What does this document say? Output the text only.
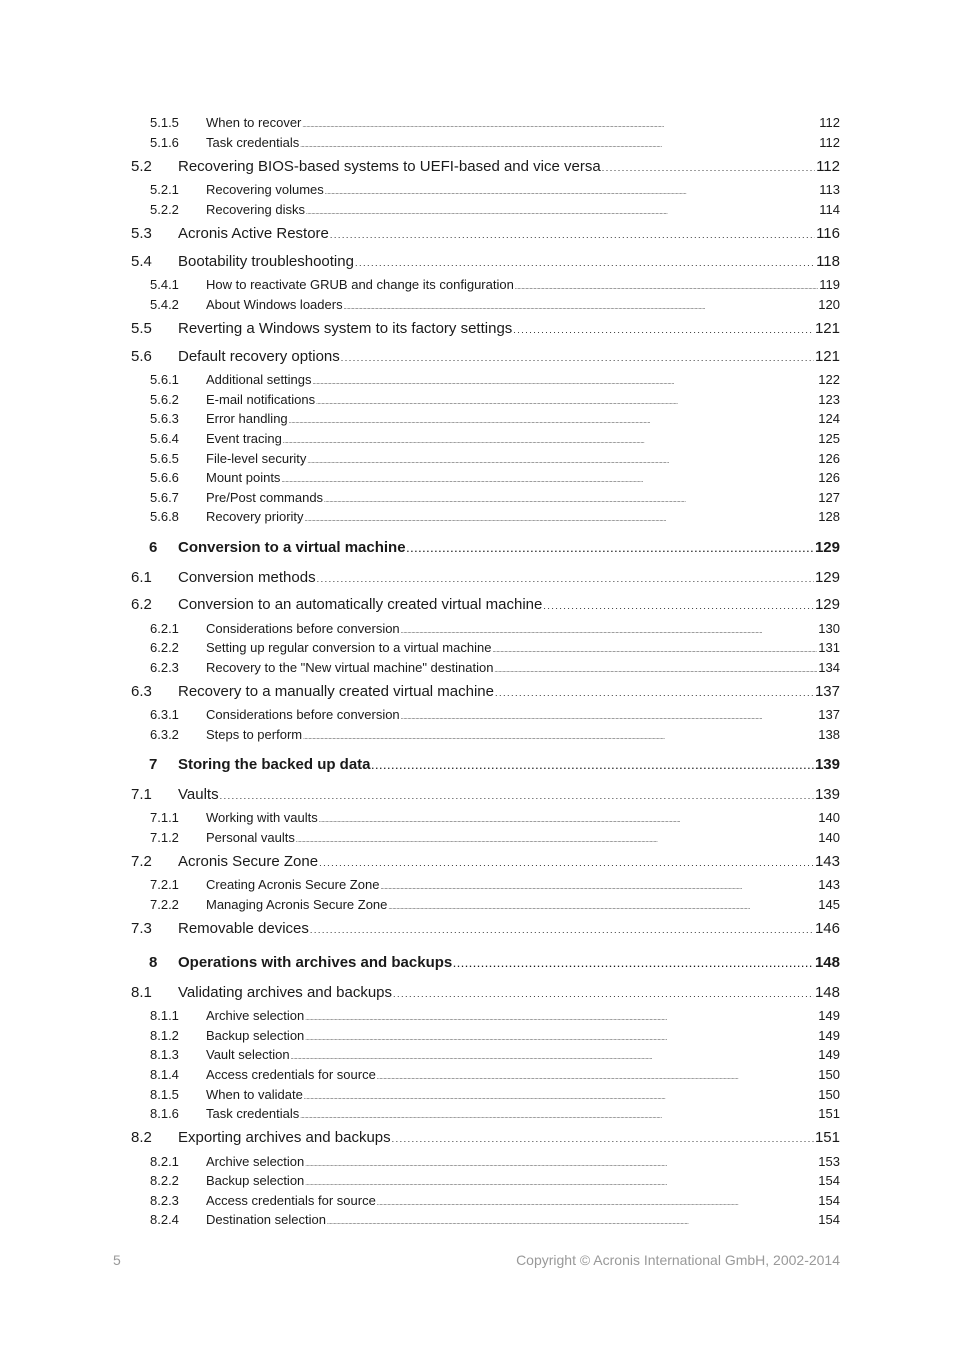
5.1.5 When to recover . . .	112
5.1.6 Task credentials . . .	112
5.2 Recovering BIOS-based systems to UEFI-based and vice versa . . .	112
5.2.1 Recovering volumes . . .	113
5.2.2 Recovering disks . . .	114
5.3 Acronis Active Restore . . .	116
5.4 Bootability troubleshooting . . .	118
5.4.1 How to reactivate GRUB and change its configuration . . .	119
5.4.2 About Windows loaders . . .	120
5.5 Reverting a Windows system to its factory settings . . .	121
5.6 Default recovery options . . .	121
5.6.1 Additional settings . . .	122
5.6.2 E-mail notifications . . .	123
5.6.3 Error handling . . .	124
5.6.4 Event tracing . . .	125
5.6.5 File-level security . . .	126
5.6.6 Mount points . . .	126
5.6.7 Pre/Post commands . . .	127
5.6.8 Recovery priority . . .	128
6 Conversion to a virtual machine . . .	129
6.1 Conversion methods . . .	129
6.2 Conversion to an automatically created virtual machine . . .	129
6.2.1 Considerations before conversion . . .	130
6.2.2 Setting up regular conversion to a virtual machine . . .	131
6.2.3 Recovery to the "New virtual machine" destination . . .	134
6.3 Recovery to a manually created virtual machine . . .	137
6.3.1 Considerations before conversion . . .	137
6.3.2 Steps to perform . . .	138
7 Storing the backed up data . . .	139
7.1 Vaults . . .	139
7.1.1 Working with vaults . . .	140
7.1.2 Personal vaults . . .	140
7.2 Acronis Secure Zone . . .	143
7.2.1 Creating Acronis Secure Zone . . .	143
7.2.2 Managing Acronis Secure Zone . . .	145
7.3 Removable devices . . .	146
8 Operations with archives and backups . . .	148
8.1 Validating archives and backups . . .	148
8.1.1 Archive selection . . .	149
8.1.2 Backup selection . . .	149
8.1.3 Vault selection . . .	149
8.1.4 Access credentials for source . . .	150
8.1.5 When to validate . . .	150
8.1.6 Task credentials . . .	151
8.2 Exporting archives and backups . . .	151
8.2.1 Archive selection . . .	153
8.2.2 Backup selection . . .	154
8.2.3 Access credentials for source . . .	154
8.2.4 Destination selection . . .	154
5	Copyright © Acronis International GmbH, 2002-2014
